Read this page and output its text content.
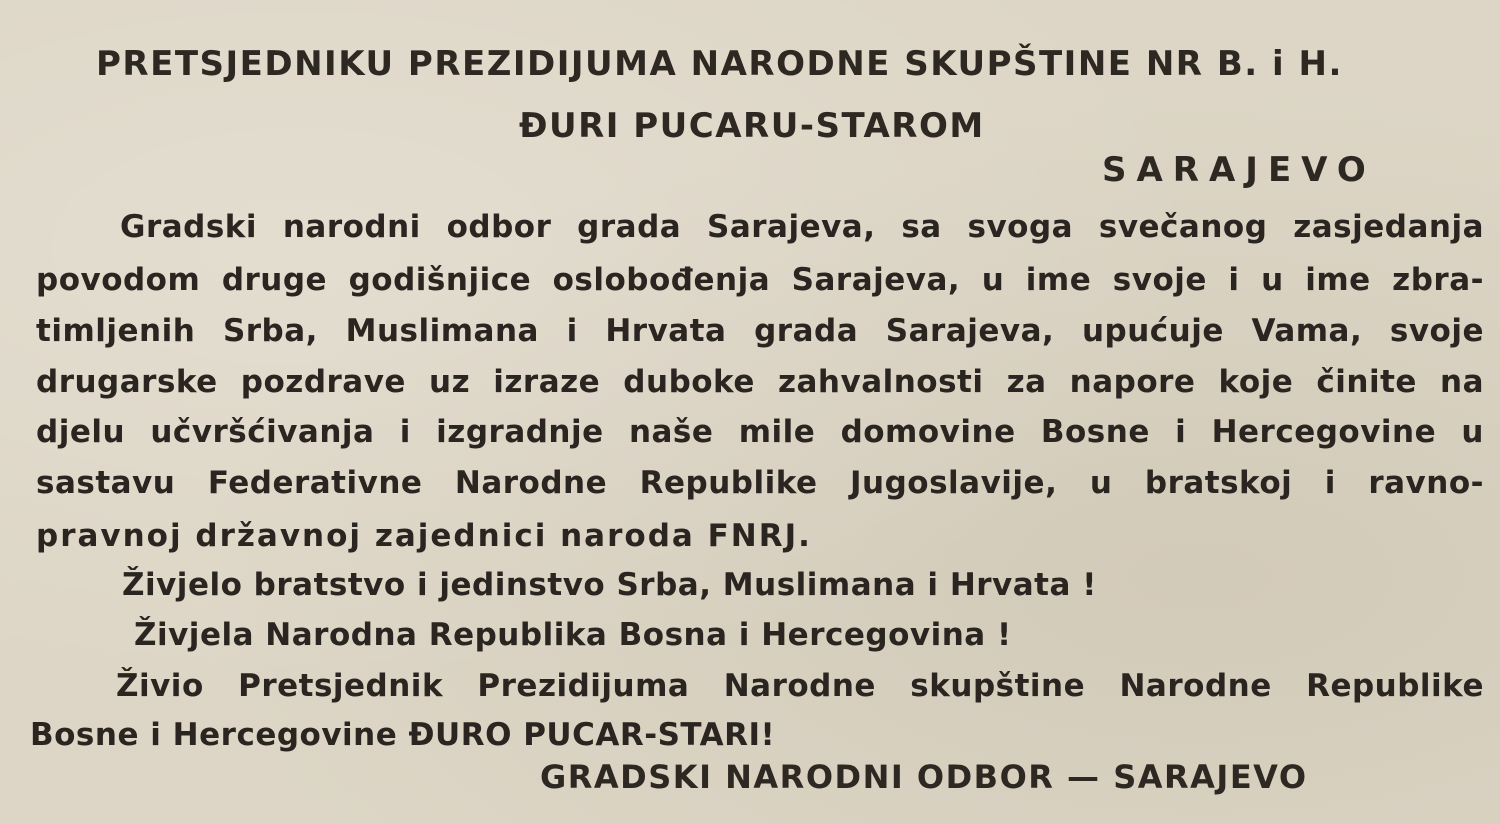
PRETSJEDNIKU PREZIDIJUMA NARODNE SKUPŠTINE NR B. i H.
ĐURI PUCARU-STAROM
SARAJEVO
Gradski narodni odbor grada Sarajeva, sa svoga svečanog zasjedanja
povodom druge godišnjice oslobođenja Sarajeva, u ime svoje i u ime zbra-
timljenih Srba, Muslimana i Hrvata grada Sarajeva, upućuje Vama, svoje
drugarske pozdrave uz izraze duboke zahvalnosti za napore koje činite na
djelu učvršćivanja i izgradnje naše mile domovine Bosne i Hercegovine u
sastavu Federativne Narodne Republike Jugoslavije, u bratskoj i ravno-
pravnoj državnoj zajednici naroda FNRJ.
Živjelo bratstvo i jedinstvo Srba, Muslimana i Hrvata !
Živjela Narodna Republika Bosna i Hercegovina !
Živio Pretsjednik Prezidijuma Narodne skupštine Narodne Republike
Bosne i Hercegovine ĐURO PUCAR-STARI!
GRADSKI NARODNI ODBOR — SARAJEVO
